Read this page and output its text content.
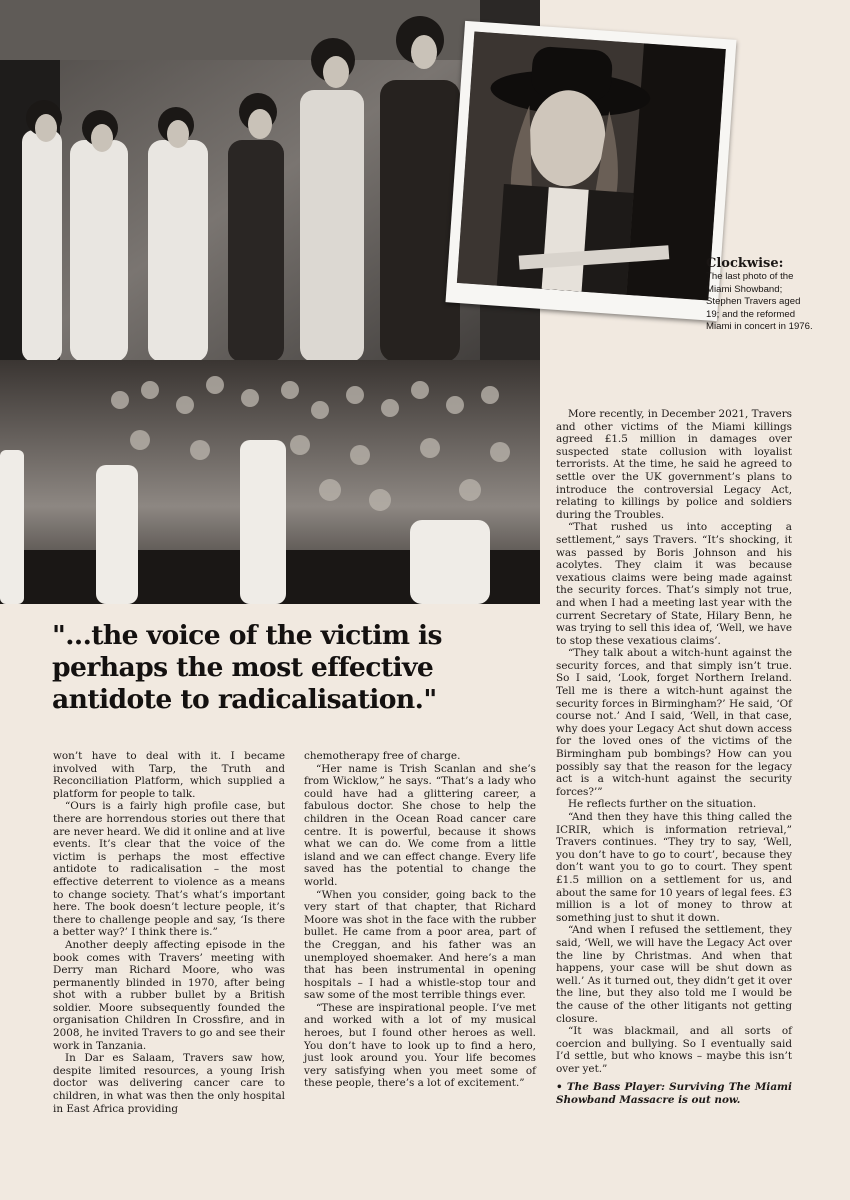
Clockwise:
The last photo of the Miami Showband; Stephen Travers aged 19; and the reformed Miami in concert in 1976.
"...the voice of the victim is perhaps the most effective antidote to radicalisation."

won’t have to deal with it. I became involved with Tarp, the Truth and Reconciliation Platform, which supplied a platform for people to talk.

“Ours is a fairly high profile case, but there are horrendous stories out there that are never heard. We did it online and at live events. It’s clear that the voice of the victim is perhaps the most effective antidote to radicalisation – the most effective deterrent to violence as a means to change society. That’s what’s important here. The book doesn’t lecture people, it’s there to challenge people and say, ‘Is there a better way?’ I think there is.”

Another deeply affecting episode in the book comes with Travers’ meeting with Derry man Richard Moore, who was permanently blinded in 1970, after being shot with a rubber bullet by a British soldier. Moore subsequently founded the organisation Children In Crossfire, and in 2008, he invited Travers to go and see their work in Tanzania.

In Dar es Salaam, Travers saw how, despite limited resources, a young Irish doctor was delivering cancer care to children, in what was then the only hospital in East Africa providing

chemotherapy free of charge.

“Her name is Trish Scanlan and she’s from Wicklow,” he says. “That’s a lady who could have had a glittering career, a fabulous doctor. She chose to help the children in the Ocean Road cancer care centre. It is powerful, because it shows what we can do. We come from a little island and we can effect change. Every life saved has the potential to change the world.

“When you consider, going back to the very start of that chapter, that Richard Moore was shot in the face with the rubber bullet. He came from a poor area, part of the Creggan, and his father was an unemployed shoemaker. And here’s a man that has been instrumental in opening hospitals – I had a whistle-stop tour and saw some of the most terrible things ever.

“These are inspirational people. I’ve met and worked with a lot of my musical heroes, but I found other heroes as well. You don’t have to look up to find a hero, just look around you. Your life becomes very satisfying when you meet some of these people, there’s a lot of excitement.”

More recently, in December 2021, Travers and other victims of the Miami killings agreed £1.5 million in damages over suspected state collusion with loyalist terrorists. At the time, he said he agreed to settle over the UK government’s plans to introduce the controversial Legacy Act, relating to killings by police and soldiers during the Troubles.

“That rushed us into accepting a settlement,” says Travers. “It’s shocking, it was passed by Boris Johnson and his acolytes. They claim it was because vexatious claims were being made against the security forces. That’s simply not true, and when I had a meeting last year with the current Secretary of State, Hilary Benn, he was trying to sell this idea of, ‘Well, we have to stop these vexatious claims’.

“They talk about a witch-hunt against the security forces, and that simply isn’t true. So I said, ‘Look, forget Northern Ireland. Tell me is there a witch-hunt against the security forces in Birmingham?’ He said, ‘Of course not.’ And I said, ‘Well, in that case, why does your Legacy Act shut down access for the loved ones of the victims of the Birmingham pub bombings? How can you possibly say that the reason for the legacy act is a witch-hunt against the security forces?’”

He reflects further on the situation.

“And then they have this thing called the ICRIR, which is information retrieval,” Travers continues. “They try to say, ‘Well, you don’t have to go to court’, because they don’t want you to go to court. They spent £1.5 million on a settlement for us, and about the same for 10 years of legal fees. £3 million is a lot of money to throw at something just to shut it down.

“And when I refused the settlement, they said, ‘Well, we will have the Legacy Act over the line by Christmas. And when that happens, your case will be shut down as well.’ As it turned out, they didn’t get it over the line, but they also told me I would be the cause of the other litigants not getting closure.

“It was blackmail, and all sorts of coercion and bullying. So I eventually said I’d settle, but who knows – maybe this isn’t over yet.”

• The Bass Player: Surviving The Miami Showband Massacre is out now.
